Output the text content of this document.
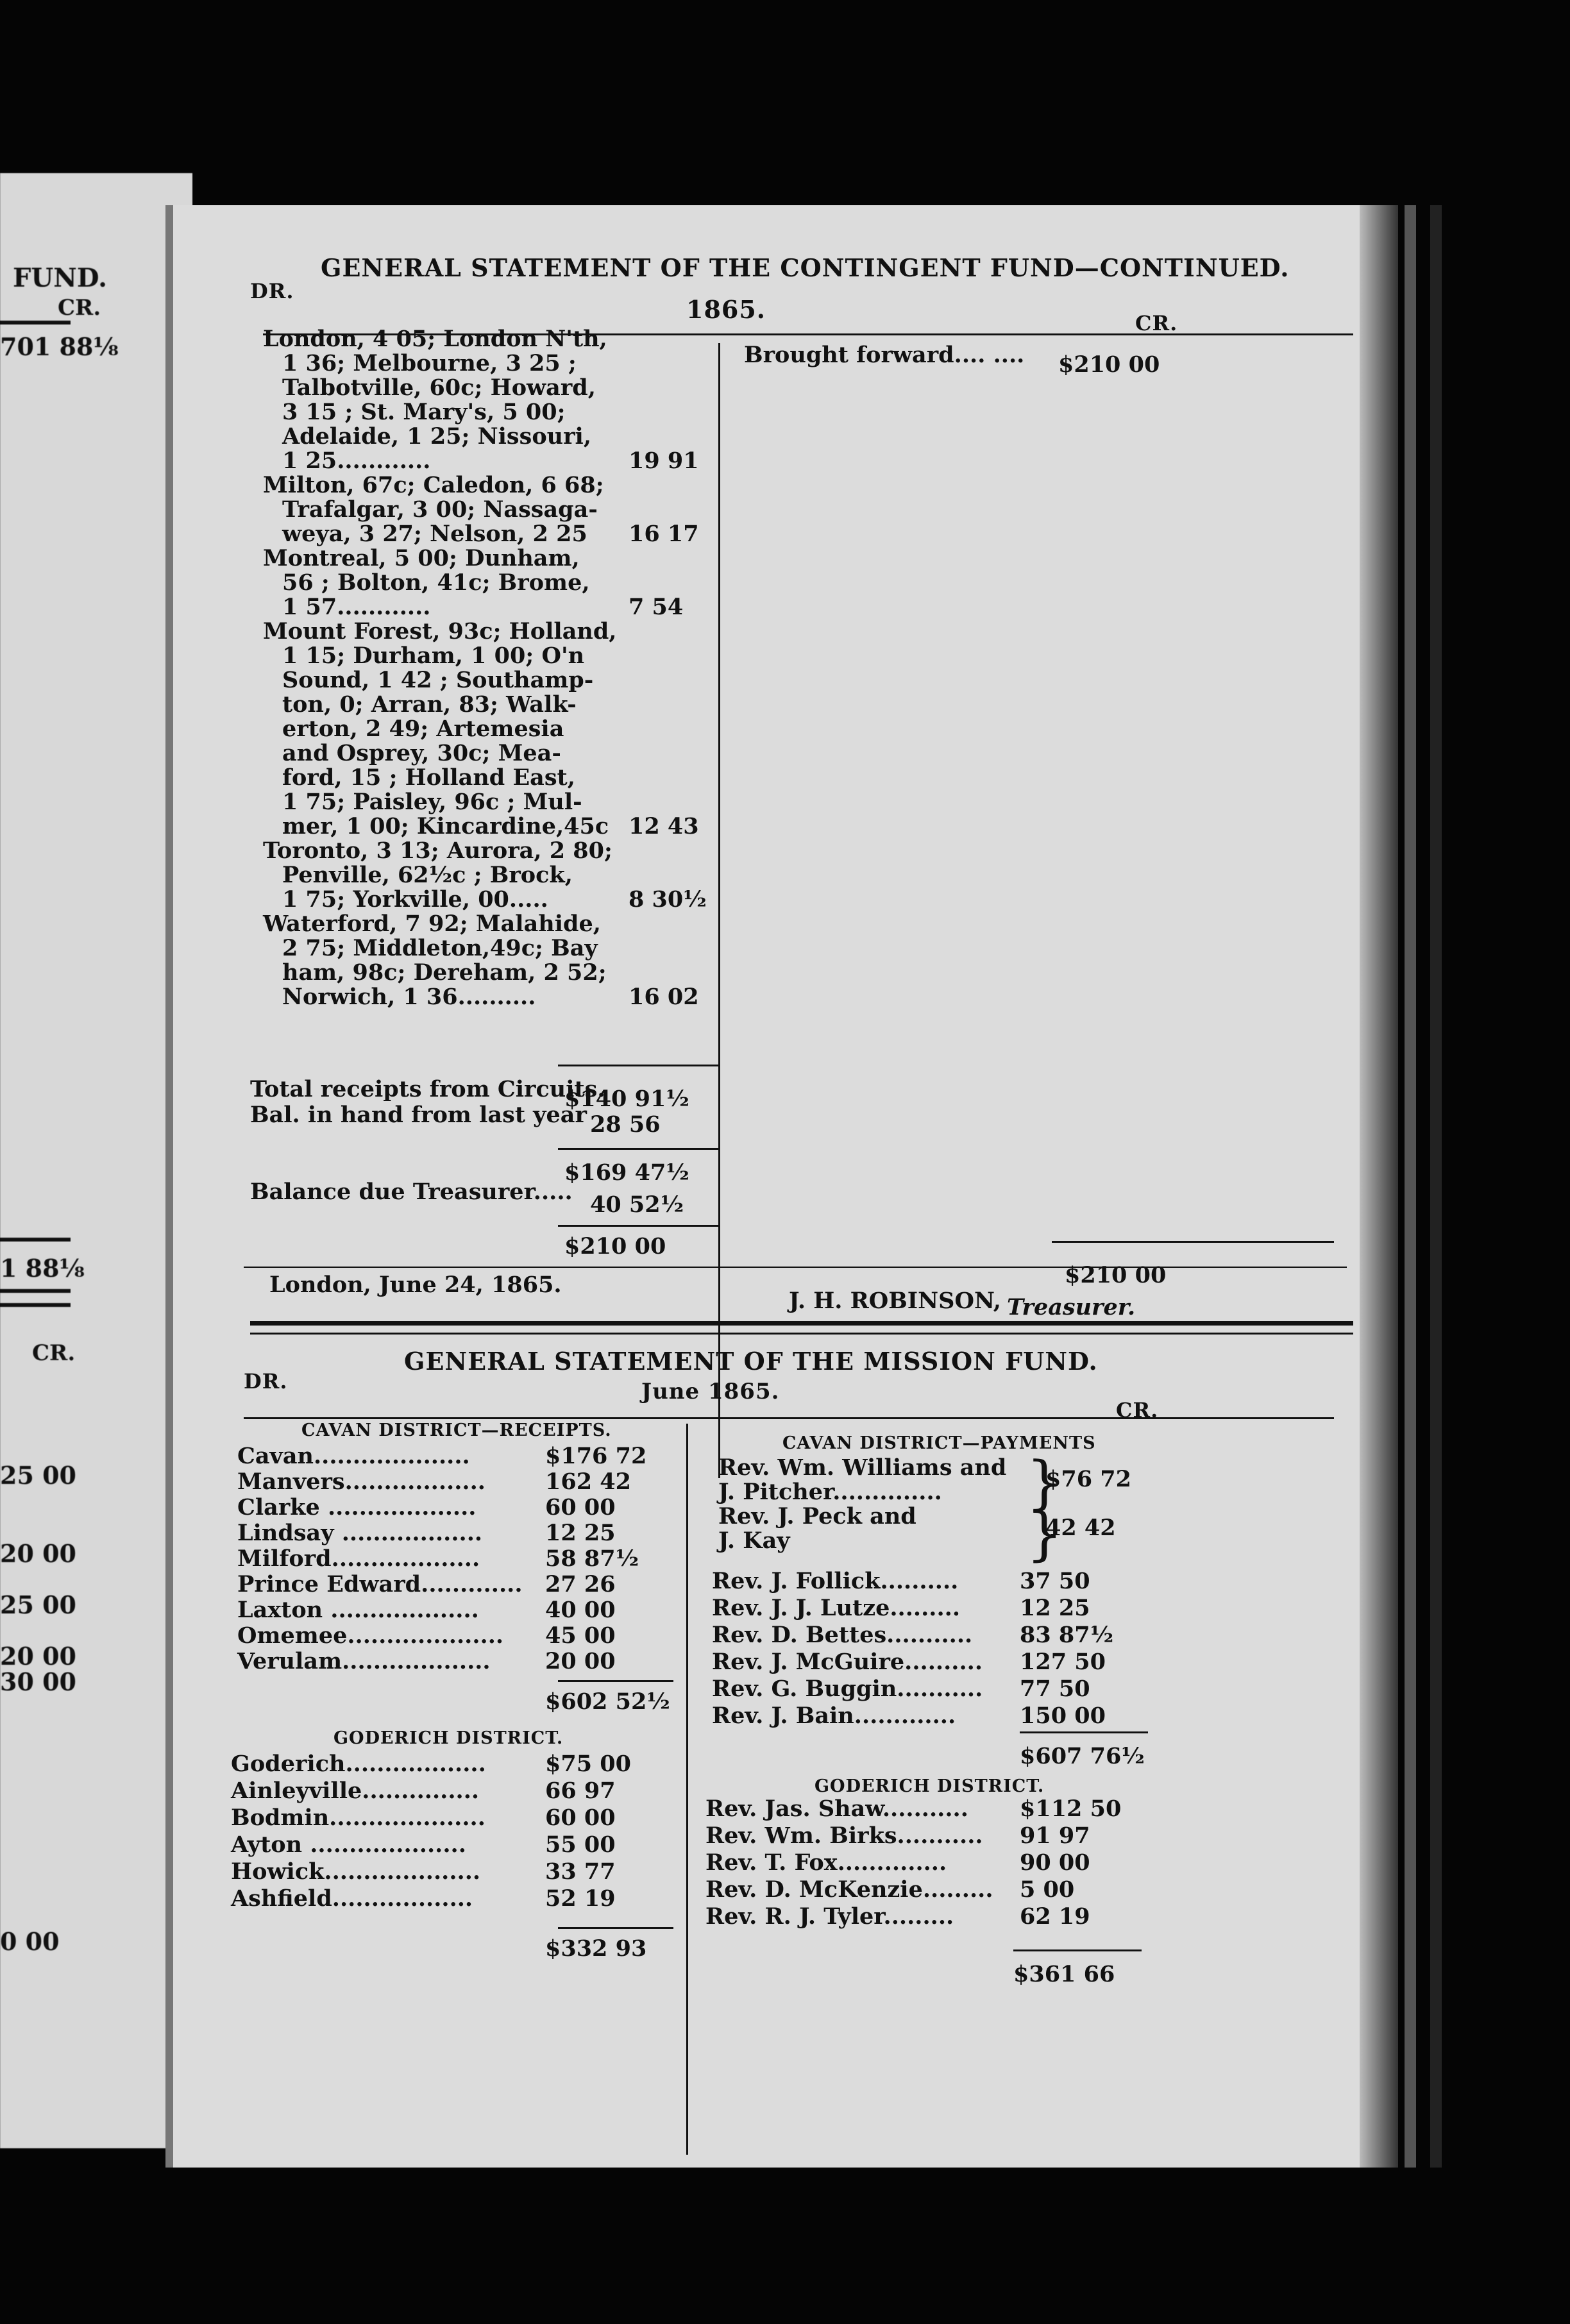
FUND.
CR.
701 88⅛
1 88⅛
CR.
25 00
20 00
25 00
20 00
30 00
0 00
GENERAL STATEMENT OF THE CONTINGENT FUND—CONTINUED.
DR.
1865.	CR.
London, 4 05; London N'th,
1 36; Melbourne, 3 25 ;
Talbotville, 60c; Howard,
3 15 ; St. Mary's, 5 00;
Adelaide, 1 25; Nissouri,
1 25............	19 91
Milton, 67c; Caledon, 6 68;
Trafalgar, 3 00; Nassaga-
weya, 3 27; Nelson, 2 25 16 17
Montreal, 5 00; Dunham,
56 ; Bolton, 41c; Brome,
1 57............	7 54
Mount Forest, 93c; Holland,
1 15; Durham, 1 00; O'n
Sound, 1 42 ; Southamp-
ton, 0; Arran, 83; Walk-
erton, 2 49; Artemesia
and Osprey, 30c; Mea-
ford, 15 ; Holland East,
1 75; Paisley, 96c ; Mul-
mer, 1 00; Kincardine,45c 12 43
Toronto, 3 13; Aurora, 2 80;
Penville, 62½c ; Brock,
1 75; Yorkville, 00.....	8 30½
Waterford, 7 92; Malahide,
2 75; Middleton,49c; Bay
ham, 98c; Dereham, 2 52;
Norwich, 1 36..........	16 02
Total receipts from Circuits.
$140 91½
Bal. in hand from last year 28 56
$169 47½
Balance due Treasurer..... 40 52½
$210 00
Brought forward.... .... $210 00
$210 00
London, June 24, 1865.
J. H. ROBINSON, Treasurer.
GENERAL STATEMENT OF THE MISSION FUND.
DR.	June 1865.
CR.
CAVAN DISTRICT—RECEIPTS.
Cavan....................	$176 72
Manvers..................	162 42
Clarke ...................	60 00
Lindsay ..................	12 25
Milford...................	58 87½
Prince Edward............. 27 26
Laxton ...................	40 00
Omemee.................... 45 00
Verulam................... 20 00
$602 52½
GODERICH DISTRICT.
Goderich..................	$75 00
Ainleyville...............	66 97
Bodmin....................	60 00
Ayton ....................	55 00
Howick....................	33 77
Ashfield..................	52 19
$332 93
CAVAN DISTRICT—PAYMENTS
Rev. Wm. Williams and
J. Pitcher..............	$76 72
Rev. J. Peck and
J. Kay	42 42
}
}
Rev. J. Follick..........	37 50
Rev. J. J. Lutze.........	12 25
Rev. D. Bettes........... 83 87½
Rev. J. McGuire.......... 127 50
Rev. G. Buggin........... 77 50
Rev. J. Bain.............	150 00
$607 76½
GODERICH DISTRICT.
Rev. Jas. Shaw........... $112 50
Rev. Wm. Birks........... 91 97
Rev. T. Fox..............	90 00
Rev. D. McKenzie......... 5 00
Rev. R. J. Tyler.........	62 19
$361 66
